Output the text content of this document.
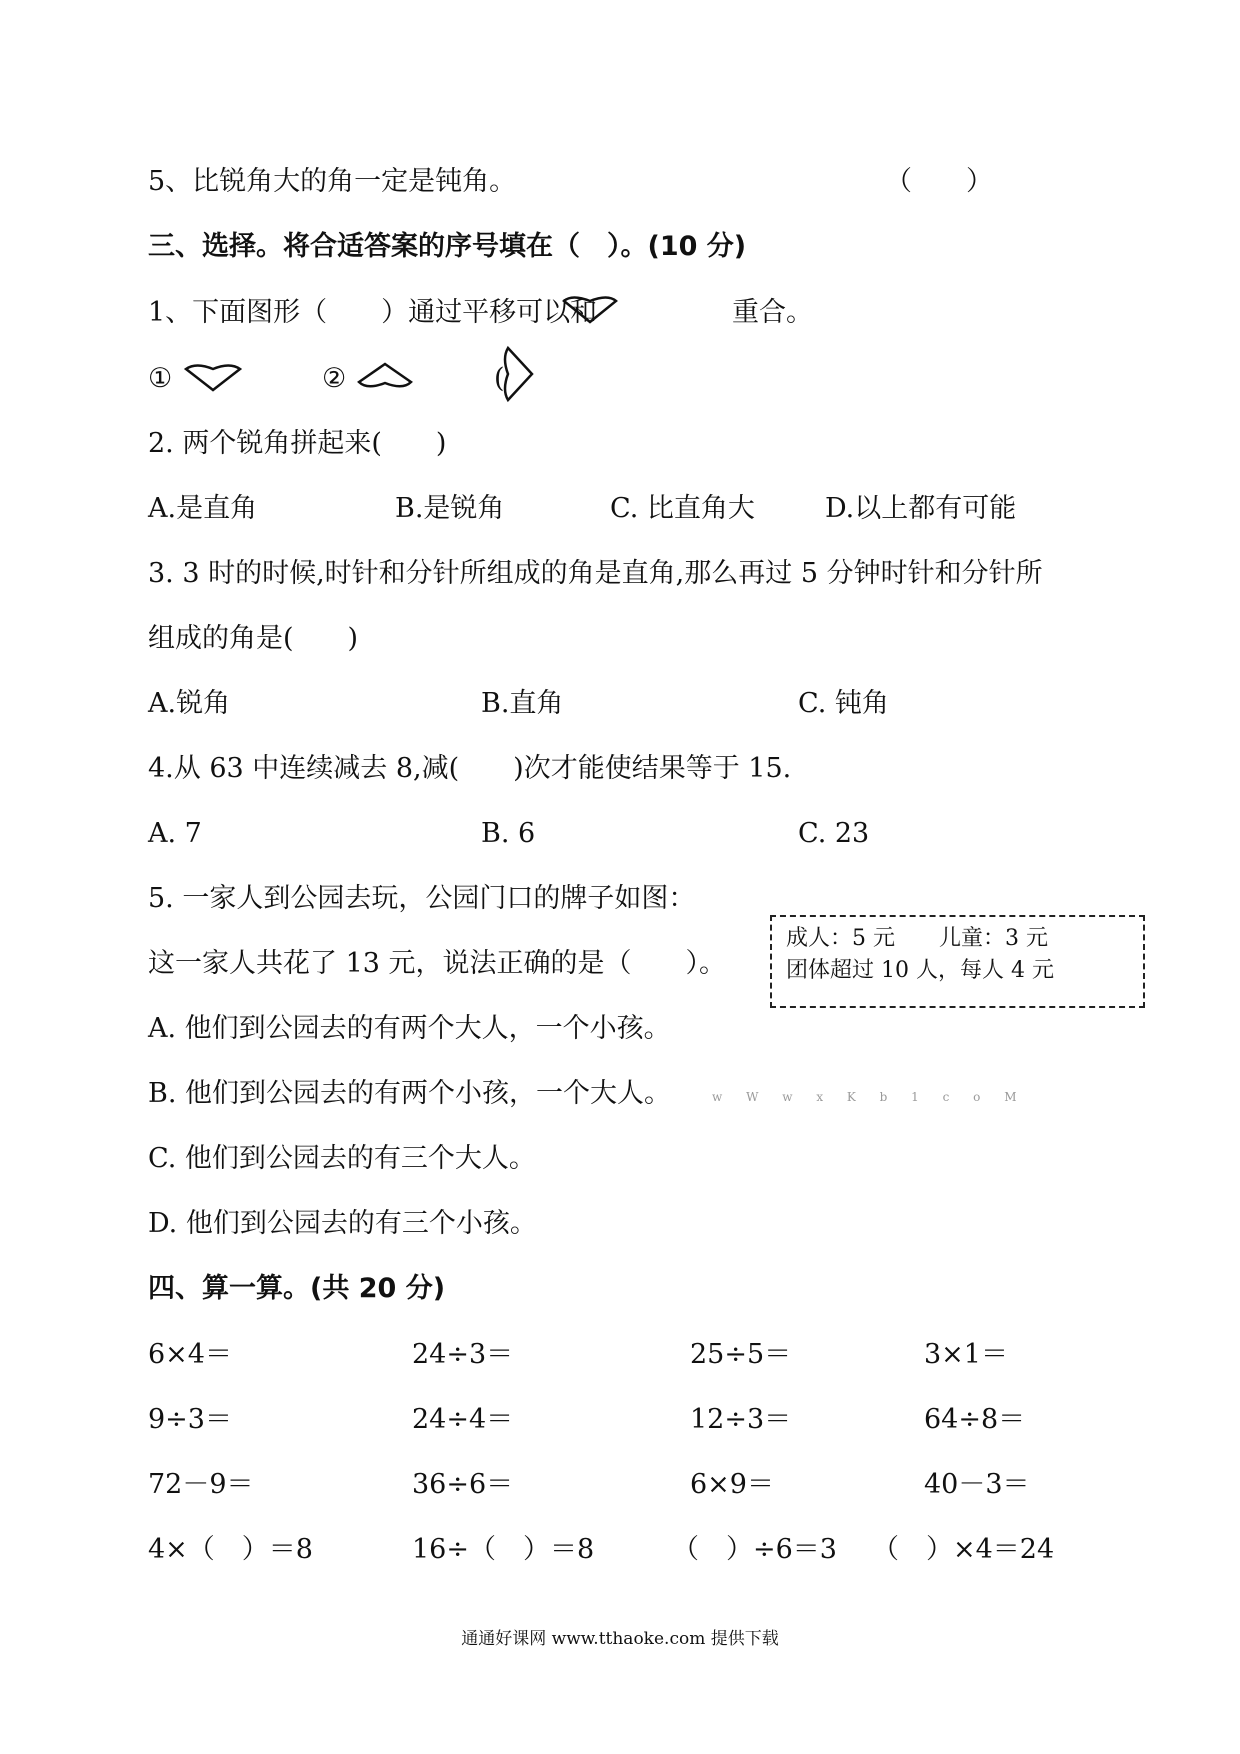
5、比锐角大的角一定是钝角。	（　　）
三、选择。将合适答案的序号填在（　）。(10 分)
1、下面图形（　　）通过平移可以和	重合。
①	②	(
2. 两个锐角拼起来(　　)
A.是直角	B.是锐角	C. 比直角大	D.以上都有可能
3. 3 时的时候,时针和分针所组成的角是直角,那么再过 5 分钟时针和分针所
组成的角是(　　)
A.锐角	B.直角	C. 钝角
4.从 63 中连续减去 8,减(　　)次才能使结果等于 15.
A. 7	B. 6	C. 23
5. 一家人到公园去玩，公园门口的牌子如图：
这一家人共花了 13 元，说法正确的是（　　）。
成人：5 元　　儿童：3 元
团体超过 10 人，每人 4 元
A. 他们到公园去的有两个大人，一个小孩。
B. 他们到公园去的有两个小孩，一个大人。	w W w x K b 1 c o M
C. 他们到公园去的有三个大人。
D. 他们到公园去的有三个小孩。
四、算一算。(共 20 分)
6×4＝	24÷3＝	25÷5＝	3×1＝
9÷3＝	24÷4＝	12÷3＝	64÷8＝
72－9＝	36÷6＝	6×9＝	40－3＝
4×（　）＝8	16÷（　）＝8	（　）÷6＝3 （　）×4＝24
通通好课网 www.tthaoke.com 提供下载
